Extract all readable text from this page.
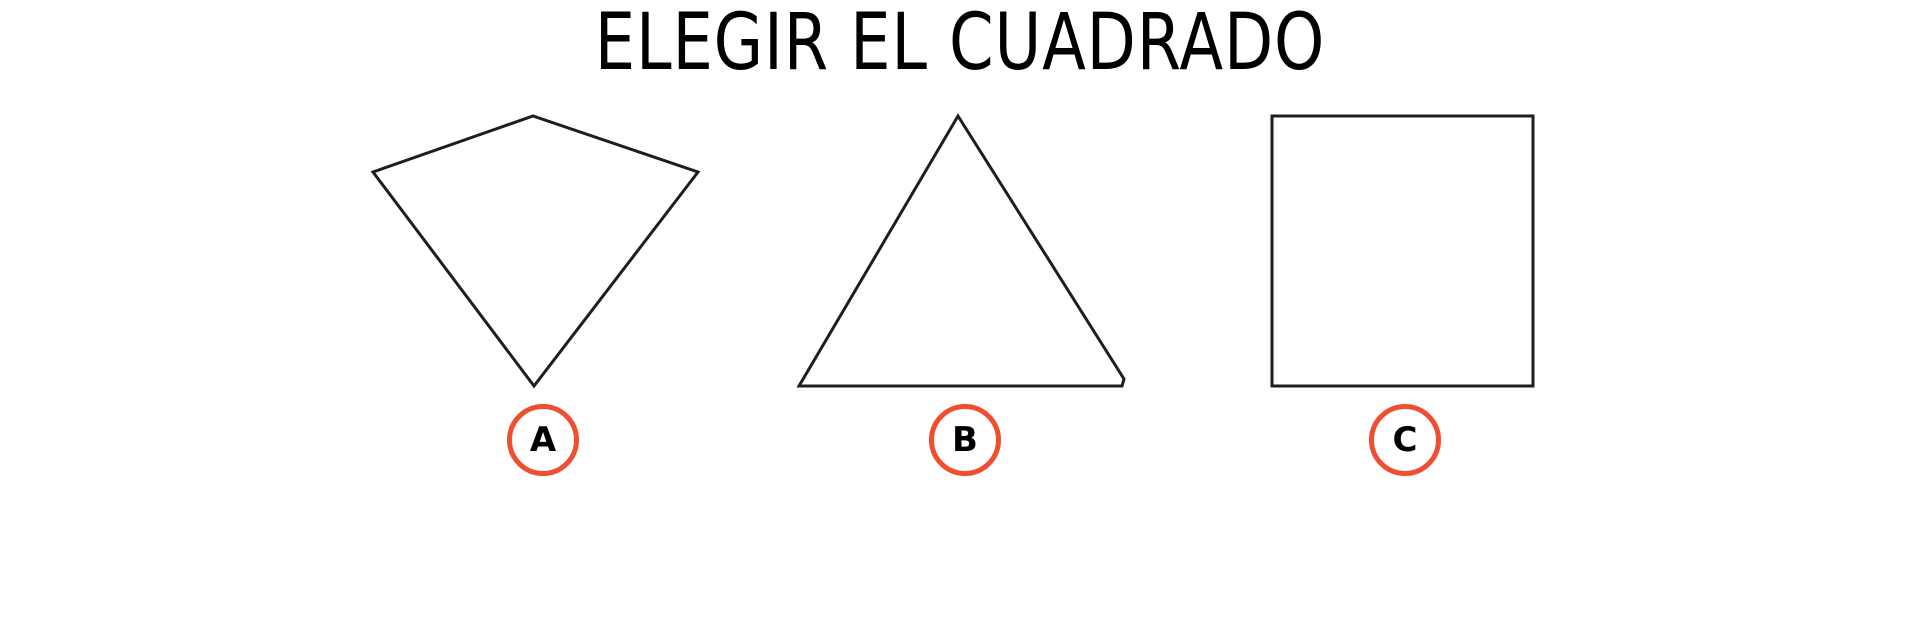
ELEGIR EL CUADRADO
A	B	C
